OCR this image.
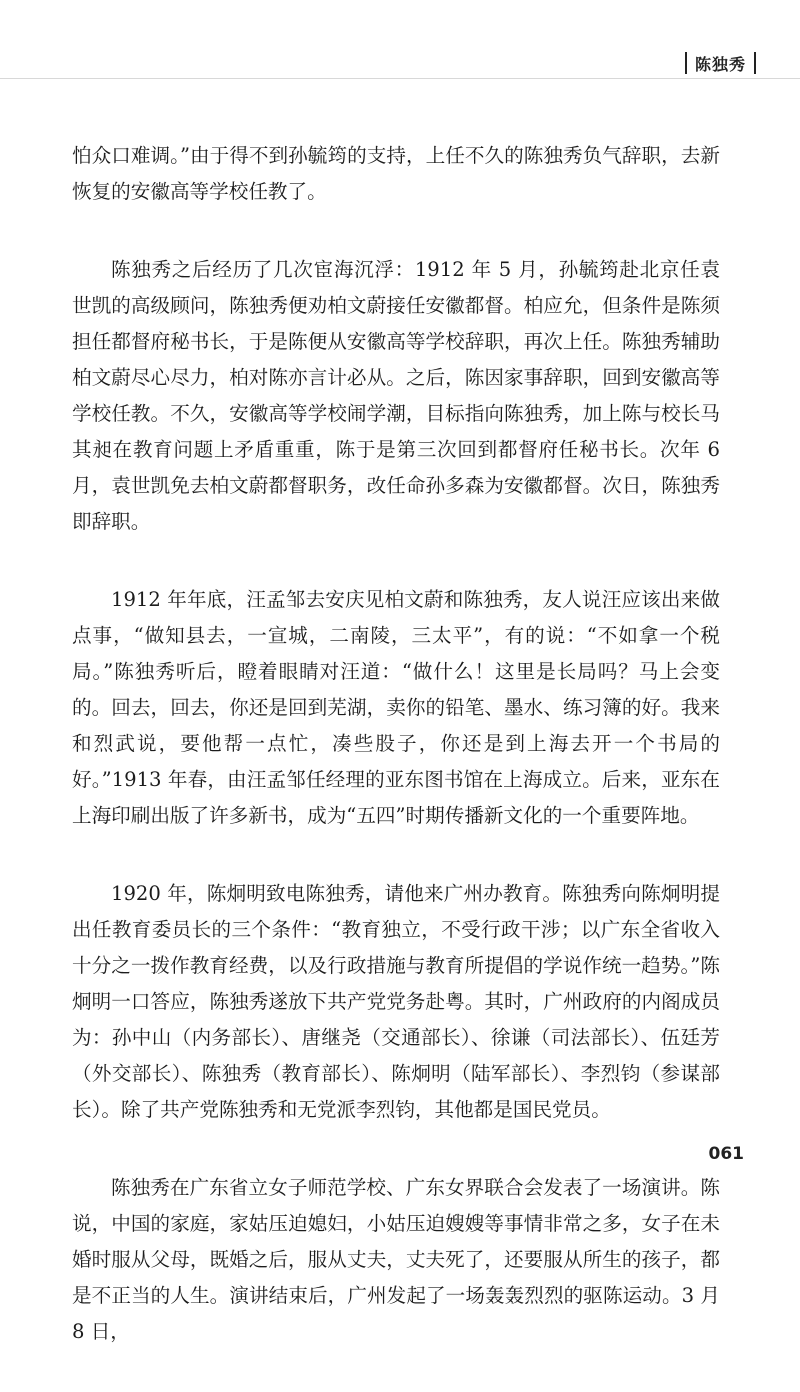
陈独秀

怕众口难调。”由于得不到孙毓筠的支持，上任不久的陈独秀负气辞职，去新恢复的安徽高等学校任教了。

陈独秀之后经历了几次宦海沉浮：1912 年 5 月，孙毓筠赴北京任袁世凯的高级顾问，陈独秀便劝柏文蔚接任安徽都督。柏应允，但条件是陈须担任都督府秘书长，于是陈便从安徽高等学校辞职，再次上任。陈独秀辅助柏文蔚尽心尽力，柏对陈亦言计必从。之后，陈因家事辞职，回到安徽高等学校任教。不久，安徽高等学校闹学潮，目标指向陈独秀，加上陈与校长马其昶在教育问题上矛盾重重，陈于是第三次回到都督府任秘书长。次年 6 月，袁世凯免去柏文蔚都督职务，改任命孙多森为安徽都督。次日，陈独秀即辞职。

1912 年年底，汪孟邹去安庆见柏文蔚和陈独秀，友人说汪应该出来做点事，“做知县去，一宣城，二南陵，三太平”，有的说：“不如拿一个税局。”陈独秀听后，瞪着眼睛对汪道：“做什么！这里是长局吗？马上会变的。回去，回去，你还是回到芜湖，卖你的铅笔、墨水、练习簿的好。我来和烈武说，要他帮一点忙，凑些股子，你还是到上海去开一个书局的好。”1913 年春，由汪孟邹任经理的亚东图书馆在上海成立。后来，亚东在上海印刷出版了许多新书，成为“五四”时期传播新文化的一个重要阵地。

1920 年，陈炯明致电陈独秀，请他来广州办教育。陈独秀向陈炯明提出任教育委员长的三个条件：“教育独立，不受行政干涉；以广东全省收入十分之一拨作教育经费，以及行政措施与教育所提倡的学说作统一趋势。”陈炯明一口答应，陈独秀遂放下共产党党务赴粤。其时，广州政府的内阁成员为：孙中山（内务部长）、唐继尧（交通部长）、徐谦（司法部长）、伍廷芳（外交部长）、陈独秀（教育部长）、陈炯明（陆军部长）、李烈钧（参谋部长）。除了共产党陈独秀和无党派李烈钧，其他都是国民党员。

陈独秀在广东省立女子师范学校、广东女界联合会发表了一场演讲。陈说，中国的家庭，家姑压迫媳妇，小姑压迫嫂嫂等事情非常之多，女子在未婚时服从父母，既婚之后，服从丈夫，丈夫死了，还要服从所生的孩子，都是不正当的人生。演讲结束后，广州发起了一场轰轰烈烈的驱陈运动。3 月 8 日，

061
